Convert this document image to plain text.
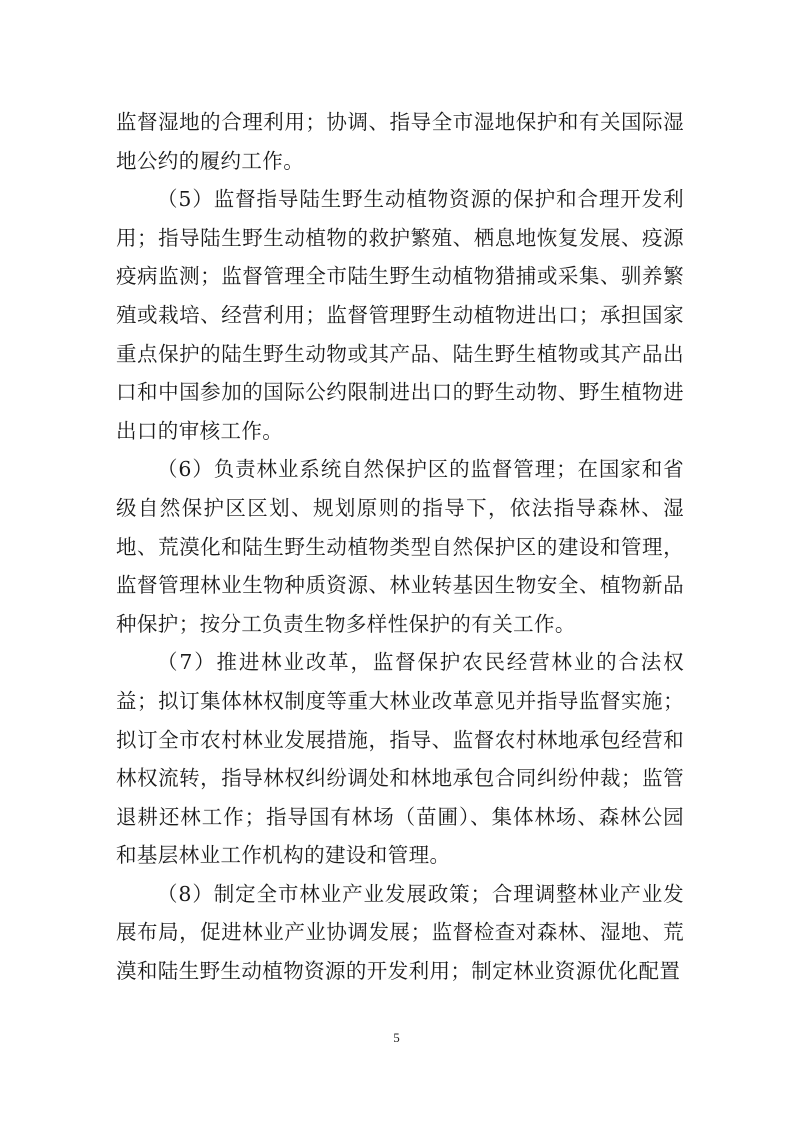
监督湿地的合理利用；协调、指导全市湿地保护和有关国际湿地公约的履约工作。

（5）监督指导陆生野生动植物资源的保护和合理开发利用；指导陆生野生动植物的救护繁殖、栖息地恢复发展、疫源疫病监测；监督管理全市陆生野生动植物猎捕或采集、驯养繁殖或栽培、经营利用；监督管理野生动植物进出口；承担国家重点保护的陆生野生动物或其产品、陆生野生植物或其产品出口和中国参加的国际公约限制进出口的野生动物、野生植物进出口的审核工作。

（6）负责林业系统自然保护区的监督管理；在国家和省级自然保护区区划、规划原则的指导下，依法指导森林、湿地、荒漠化和陆生野生动植物类型自然保护区的建设和管理，监督管理林业生物种质资源、林业转基因生物安全、植物新品种保护；按分工负责生物多样性保护的有关工作。

（7）推进林业改革，监督保护农民经营林业的合法权益；拟订集体林权制度等重大林业改革意见并指导监督实施；拟订全市农村林业发展措施，指导、监督农村林地承包经营和林权流转，指导林权纠纷调处和林地承包合同纠纷仲裁；监管退耕还林工作；指导国有林场（苗圃）、集体林场、森林公园和基层林业工作机构的建设和管理。

（8）制定全市林业产业发展政策；合理调整林业产业发展布局，促进林业产业协调发展；监督检查对森林、湿地、荒漠和陆生野生动植物资源的开发利用；制定林业资源优化配置

5
